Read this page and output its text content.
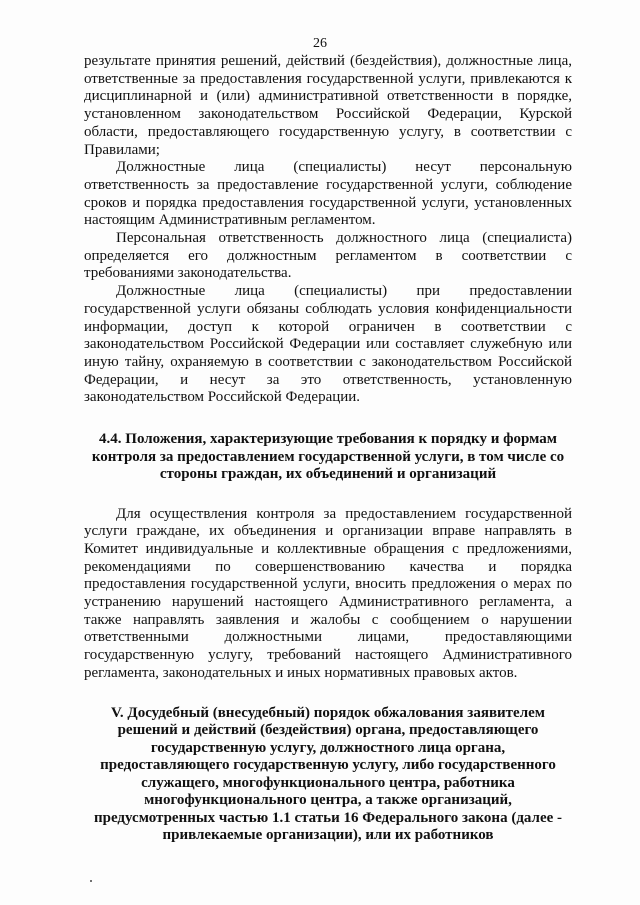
26

результате принятия решений, действий (бездействия), должностные лица, ответственные за предоставления государственной услуги, привлекаются к дисциплинарной и (или) административной ответственности в порядке, установленном законодательством Российской Федерации, Курской области, предоставляющего государственную услугу, в соответствии с Правилами;

Должностные лица (специалисты) несут персональную ответственность за предоставление государственной услуги, соблюдение сроков и порядка предоставления государственной услуги, установленных настоящим Административным регламентом.

Персональная ответственность должностного лица (специалиста) определяется его должностным регламентом в соответствии с требованиями законодательства.

Должностные лица (специалисты) при предоставлении государственной услуги обязаны соблюдать условия конфиденциальности информации, доступ к которой ограничен в соответствии с законодательством Российской Федерации или составляет служебную или иную тайну, охраняемую в соответствии с законодательством Российской Федерации, и несут за это ответственность, установленную законодательством Российской Федерации.

4.4. Положения, характеризующие требования к порядку и формам контроля за предоставлением государственной услуги, в том числе со стороны граждан, их объединений и организаций

Для осуществления контроля за предоставлением государственной услуги граждане, их объединения и организации вправе направлять в Комитет индивидуальные и коллективные обращения с предложениями, рекомендациями по совершенствованию качества и порядка предоставления государственной услуги, вносить предложения о мерах по устранению нарушений настоящего Административного регламента, а также направлять заявления и жалобы с сообщением о нарушении ответственными должностными лицами, предоставляющими государственную услугу, требований настоящего Административного регламента, законодательных и иных нормативных правовых актов.

V. Досудебный (внесудебный) порядок обжалования заявителем решений и действий (бездействия) органа, предоставляющего государственную услугу, должностного лица органа, предоставляющего государственную услугу, либо государственного служащего, многофункционального центра, работника многофункционального центра, а также организаций, предусмотренных частью 1.1 статьи 16 Федерального закона (далее - привлекаемые организации), или их работников
